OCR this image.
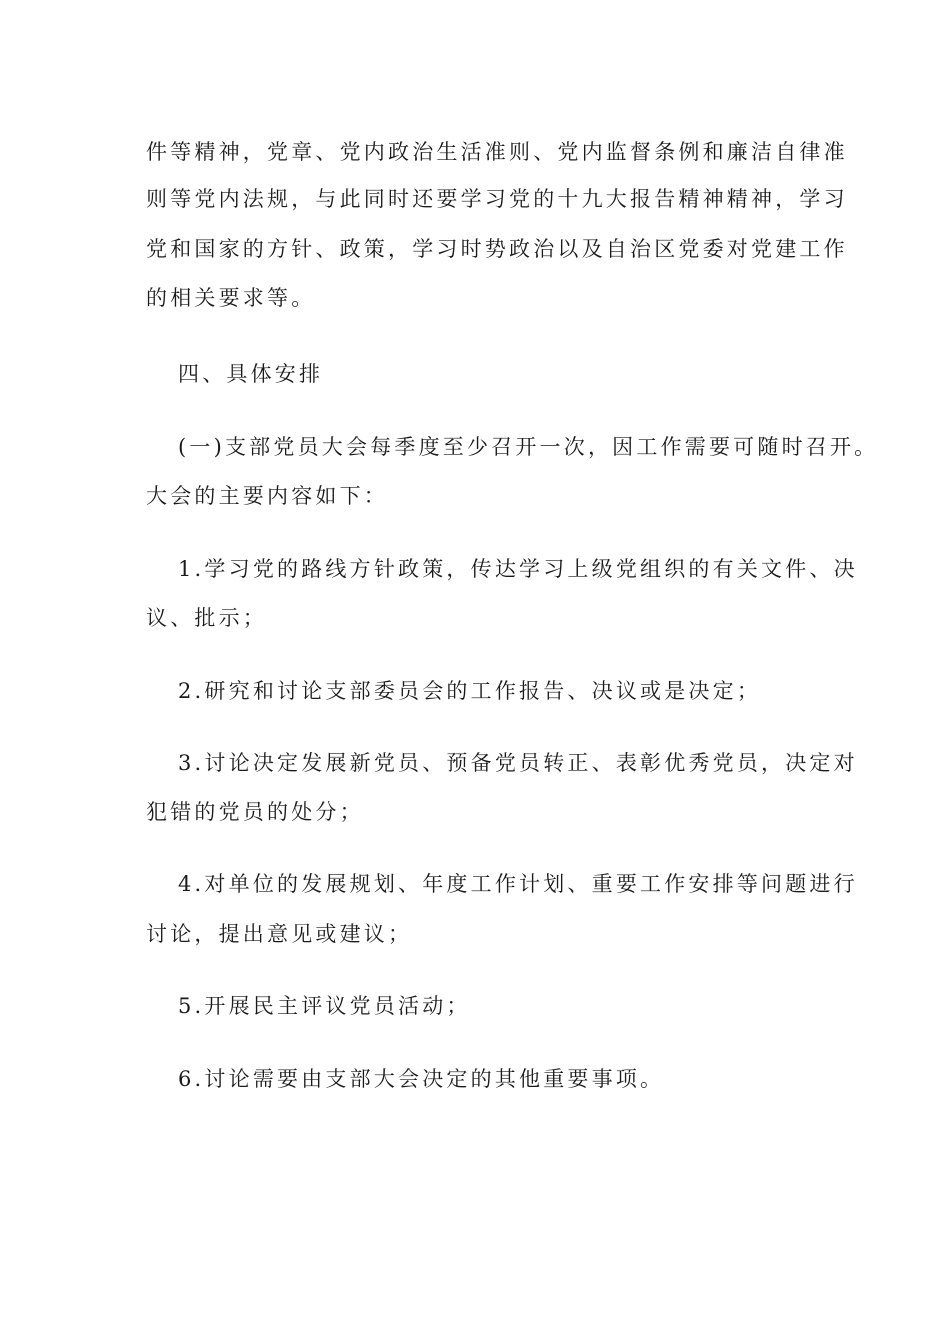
件等精神，党章、党内政治生活准则、党内监督条例和廉洁自律准
则等党内法规，与此同时还要学习党的十九大报告精神精神，学习
党和国家的方针、政策，学习时势政治以及自治区党委对党建工作
的相关要求等。
四、具体安排
(一)支部党员大会每季度至少召开一次，因工作需要可随时召开。
大会的主要内容如下：
1.学习党的路线方针政策，传达学习上级党组织的有关文件、决
议、批示；
2.研究和讨论支部委员会的工作报告、决议或是决定；
3.讨论决定发展新党员、预备党员转正、表彰优秀党员，决定对
犯错的党员的处分；
4.对单位的发展规划、年度工作计划、重要工作安排等问题进行
讨论，提出意见或建议；
5.开展民主评议党员活动；
6.讨论需要由支部大会决定的其他重要事项。
